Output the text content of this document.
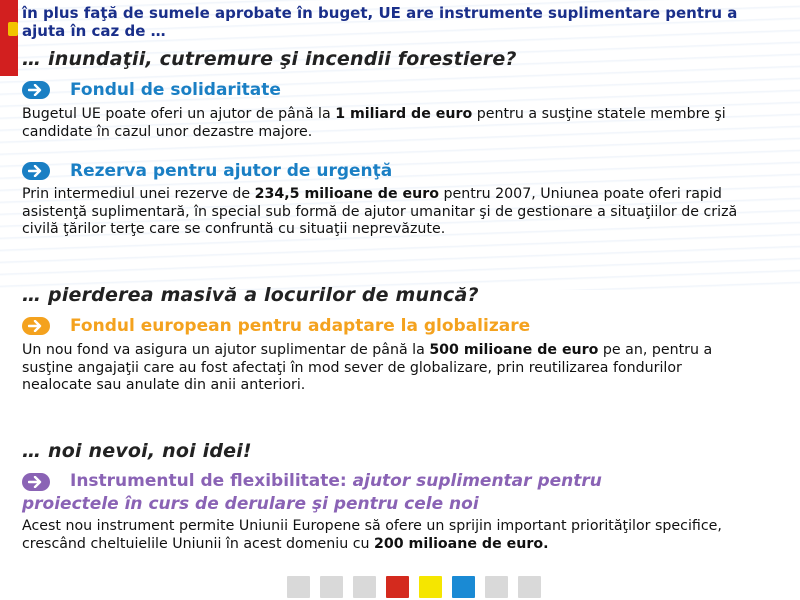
în plus faţă de sumele aprobate în buget, UE are instrumente suplimentare pentru a ajuta în caz de …
… inundaţii, cutremure şi incendii forestiere?
Fondul de solidaritate
Bugetul UE poate oferi un ajutor de până la 1 miliard de euro pentru a susţine statele membre şi candidate în cazul unor dezastre majore.
Rezerva pentru ajutor de urgenţă
Prin intermediul unei rezerve de 234,5 milioane de euro pentru 2007, Uniunea poate oferi rapid asistenţă suplimentară, în special sub formă de ajutor umanitar şi de gestionare a situaţiilor de criză civilă ţărilor terţe care se confruntă cu situaţii neprevăzute.
… pierderea masivă a locurilor de muncă?
Fondul european pentru adaptare la globalizare
Un nou fond va asigura un ajutor suplimentar de până la 500 milioane de euro pe an, pentru a susţine angajaţii care au fost afectaţi în mod sever de globalizare, prin reutilizarea fondurilor nealocate sau anulate din anii anteriori.
… noi nevoi, noi idei!
Instrumentul de flexibilitate: ajutor suplimentar pentru proiectele în curs de derulare şi pentru cele noi
Acest nou instrument permite Uniunii Europene să ofere un sprijin important priorităţilor specifice, crescând cheltuielile Uniunii în acest domeniu cu 200 milioane de euro.
